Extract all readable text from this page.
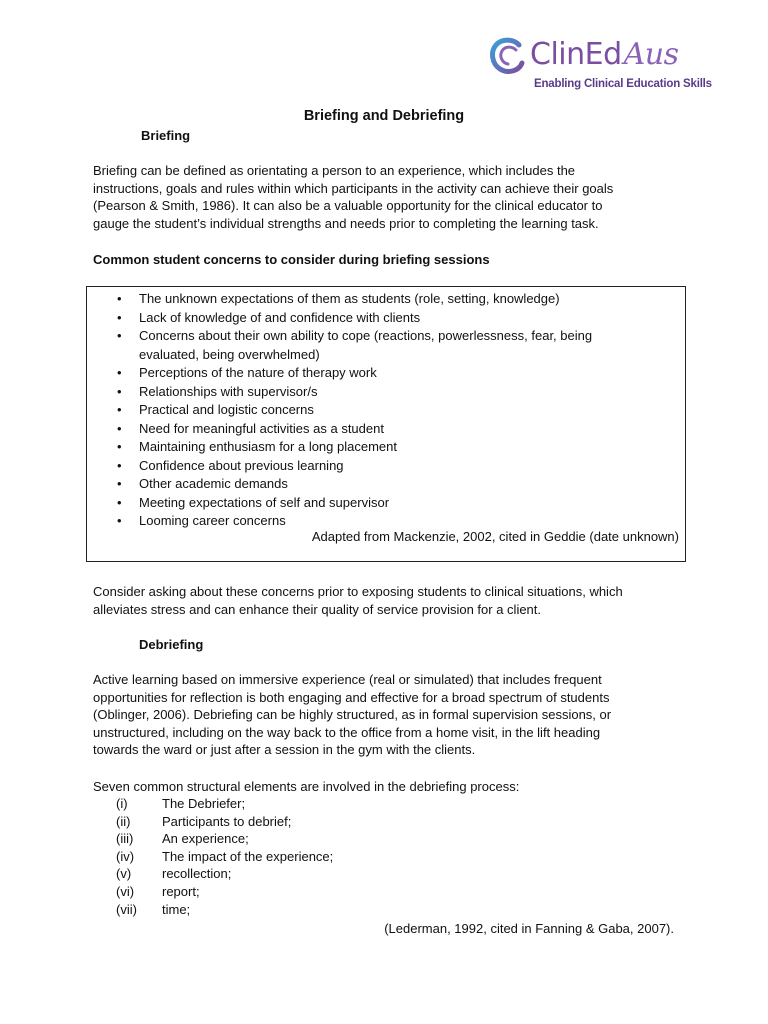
ClinEdAus
Enabling Clinical Education Skills
Briefing and Debriefing
Briefing
Briefing can be defined as orientating a person to an experience, which includes the
instructions, goals and rules within which participants in the activity can achieve their goals
(Pearson & Smith, 1986). It can also be a valuable opportunity for the clinical educator to
gauge the student’s individual strengths and needs prior to completing the learning task.
Common student concerns to consider during briefing sessions
• The unknown expectations of them as students (role, setting, knowledge)
• Lack of knowledge of and confidence with clients
• Concerns about their own ability to cope (reactions, powerlessness, fear, being
evaluated, being overwhelmed)
• Perceptions of the nature of therapy work
• Relationships with supervisor/s
• Practical and logistic concerns
• Need for meaningful activities as a student
• Maintaining enthusiasm for a long placement
• Confidence about previous learning
• Other academic demands
• Meeting expectations of self and supervisor
• Looming career concerns
Adapted from Mackenzie, 2002, cited in Geddie (date unknown)
Consider asking about these concerns prior to exposing students to clinical situations, which
alleviates stress and can enhance their quality of service provision for a client.
Debriefing
Active learning based on immersive experience (real or simulated) that includes frequent
opportunities for reflection is both engaging and effective for a broad spectrum of students
(Oblinger, 2006). Debriefing can be highly structured, as in formal supervision sessions, or
unstructured, including on the way back to the office from a home visit, in the lift heading
towards the ward or just after a session in the gym with the clients.
Seven common structural elements are involved in the debriefing process:
(i)	The Debriefer;
(ii) Participants to debrief;
(iii) An experience;
(iv) The impact of the experience;
(v) recollection;
(vi) report;
(vii) time;
(Lederman, 1992, cited in Fanning & Gaba, 2007).
